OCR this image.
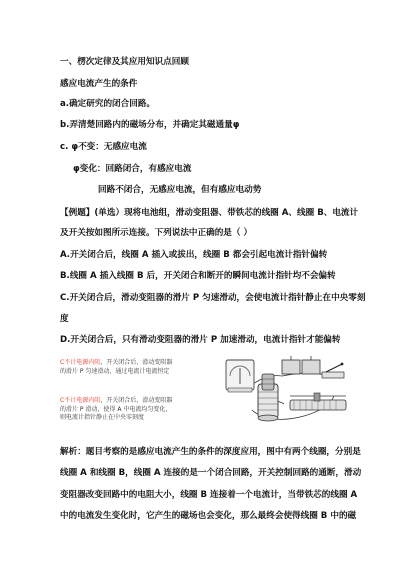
一、楞次定律及其应用知识点回顾
感应电流产生的条件
a.确定研究的闭合回路。
b.弄清楚回路内的磁场分布，并确定其磁通量φ
c. φ不变：无感应电流
φ变化：回路闭合，有感应电流
回路不闭合，无感应电流，但有感应电动势
【例题】(单选）现将电池组，滑动变阻器、带铁芯的线圈 A、线圈 B、电流计
及开关按如图所示连接。下列说法中正确的是（ ）
A.开关闭合后，线圈 A 插入或拔出，线圈 B 都会引起电流计指针偏转
B.线圈 A 插入线圈 B 后，开关闭合和断开的瞬间电流计指针均不会偏转
C.开关闭合后，滑动变阻器的滑片 P 匀速滑动，会使电流计指针静止在中央零刻
度
D.开关闭合后，只有滑动变阻器的滑片 P 加速滑动，电流计指针才能偏转
C不计电源内阻，开关闭合后，滑动变阻器
的滑片 P 匀速滑动，通过电流计电流恒定
C不计电源内阻，开关闭合后，滑动变阻器
的滑片 P 滑动，使得 A 中电流均匀变化，
则电流计指针静止在中央零刻度
解析：题目考察的是感应电流产生的条件的深度应用，图中有两个线圈，分别是
线圈 A 和线圈 B，线圈 A 连接的是一个闭合回路，开关控制回路的通断，滑动
变阻器改变回路中的电阻大小，线圈 B 连接着一个电流计，当带铁芯的线圈 A
中的电流发生变化时，它产生的磁场也会变化，那么最终会使得线圈 B 中的磁
